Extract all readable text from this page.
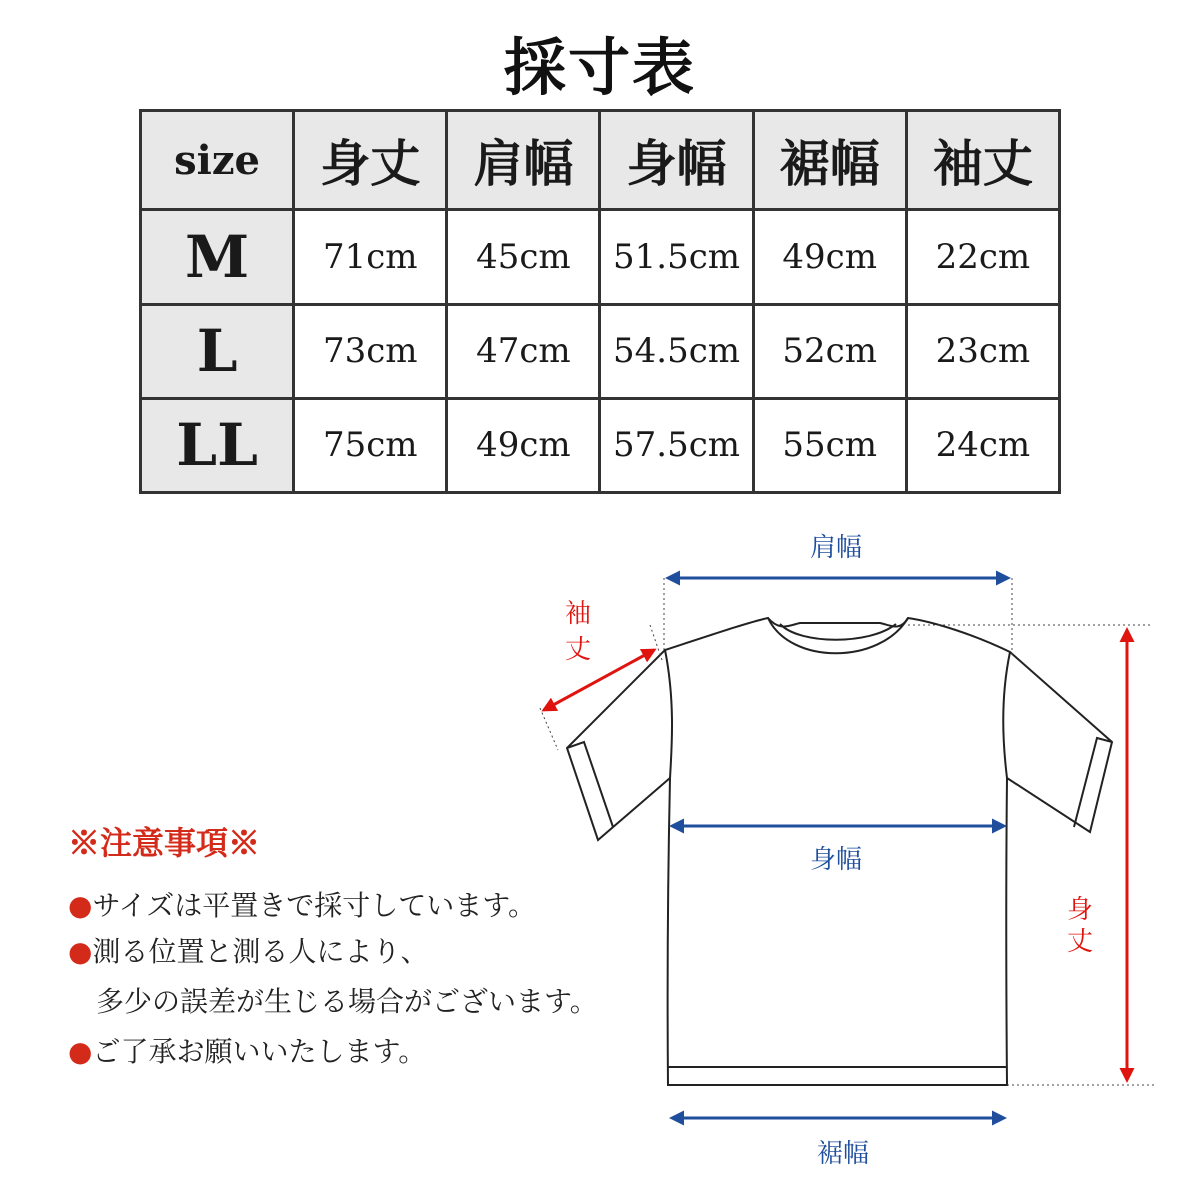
採寸表
size	身丈	肩幅	身幅	裾幅	袖丈
M	71cm	45cm	51.5cm	49cm	22cm
L	73cm	47cm	54.5cm	52cm	23cm
LL	75cm	49cm	57.5cm	55cm	24cm
肩幅
身幅
裾幅
袖
丈
身
丈
※注意事項※
●サイズは平置きで採寸しています。
●測る位置と測る人により、
多少の誤差が生じる場合がございます。
●ご了承お願いいたします。
